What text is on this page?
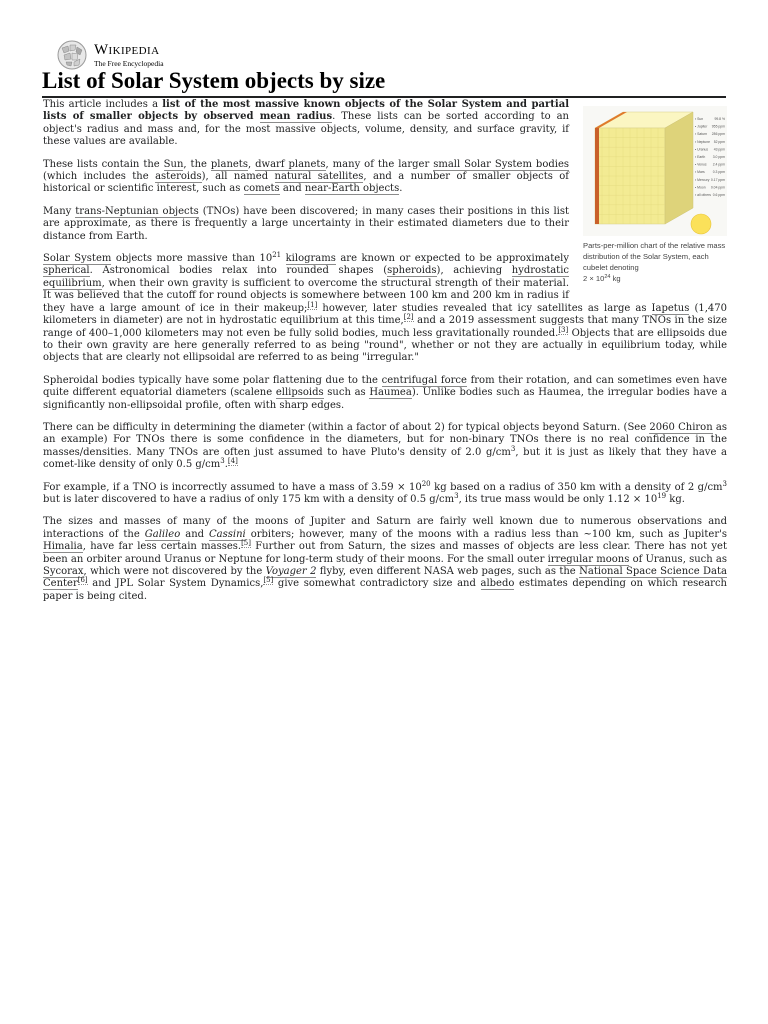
Wikipedia
The Free Encyclopedia
List of Solar System objects by size
▪ Sun	99.8 %
▪ Jupiter 955 ppm
▪ Saturn 286 ppm
▪ Neptune 52 ppm
▪ Uranus 43 ppm
▪ Earth 3.0 ppm
▪ Venus 2.4 ppm
▪ Mars 0.3 ppm
▪ Mercury 0.17 ppm
▪ Moon 0.04 ppm
▪ all others 0.6 ppm
Parts-per-million chart of the relative mass distribution of the Solar System, each cubelet denoting
$2 \times 10^{24}$ kg

This article includes a list of the most massive known objects of the Solar System and partial lists of smaller objects by observed mean radius. These lists can be sorted according to an object's radius and mass and, for the most massive objects, volume, density, and surface gravity, if these values are available.

These lists contain the Sun, the planets, dwarf planets, many of the larger small Solar System bodies (which includes the asteroids), all named natural satellites, and a number of smaller objects of historical or scientific interest, such as comets and near-Earth objects.

Many trans-Neptunian objects (TNOs) have been discovered; in many cases their positions in this list are approximate, as there is frequently a large uncertainty in their estimated diameters due to their distance from Earth.

Solar System objects more massive than $10^{21}$ kilograms are known or expected to be approximately spherical. Astronomical bodies relax into rounded shapes (spheroids), achieving hydrostatic equilibrium, when their own gravity is sufficient to overcome the structural strength of their material. It was believed that the cutoff for round objects is somewhere between 100 km and 200 km in radius if they have a large amount of ice in their makeup;[1] however, later studies revealed that icy satellites as large as Iapetus (1,470 kilometers in diameter) are not in hydrostatic equilibrium at this time,[2] and a 2019 assessment suggests that many TNOs in the size range of 400–1,000 kilometers may not even be fully solid bodies, much less gravitationally rounded.[3] Objects that are ellipsoids due to their own gravity are here generally referred to as being "round", whether or not they are actually in equilibrium today, while objects that are clearly not ellipsoidal are referred to as being "irregular."

Spheroidal bodies typically have some polar flattening due to the centrifugal force from their rotation, and can sometimes even have quite different equatorial diameters (scalene ellipsoids such as Haumea). Unlike bodies such as Haumea, the irregular bodies have a significantly non-ellipsoidal profile, often with sharp edges.

There can be difficulty in determining the diameter (within a factor of about 2) for typical objects beyond Saturn. (See 2060 Chiron as an example) For TNOs there is some confidence in the diameters, but for non-binary TNOs there is no real confidence in the masses/densities. Many TNOs are often just assumed to have Pluto's density of 2.0 $g/cm^3$, but it is just as likely that they have a comet-like density of only 0.5 $g/cm^3.[4]$

For example, if a TNO is incorrectly assumed to have a mass of $3.59 \times 10^{20}$ kg based on a radius of 350 km with a density of 2 $g/cm^3$ but is later discovered to have a radius of only 175 km with a density of 0.5 $g/cm^3$, its true mass would be only $1.12 \times 10^{19}$ kg.

The sizes and masses of many of the moons of Jupiter and Saturn are fairly well known due to numerous observations and interactions of the Galileo and Cassini orbiters; however, many of the moons with a radius less than ~100 km, such as Jupiter's Himalia, have far less certain masses.[5] Further out from Saturn, the sizes and masses of objects are less clear. There has not yet been an orbiter around Uranus or Neptune for long-term study of their moons. For the small outer irregular moons of Uranus, such as Sycorax, which were not discovered by the Voyager 2 flyby, even different NASA web pages, such as the National Space Science Data Center[6] and JPL Solar System Dynamics,[5] give somewhat contradictory size and albedo estimates depending on which research paper is being cited.
